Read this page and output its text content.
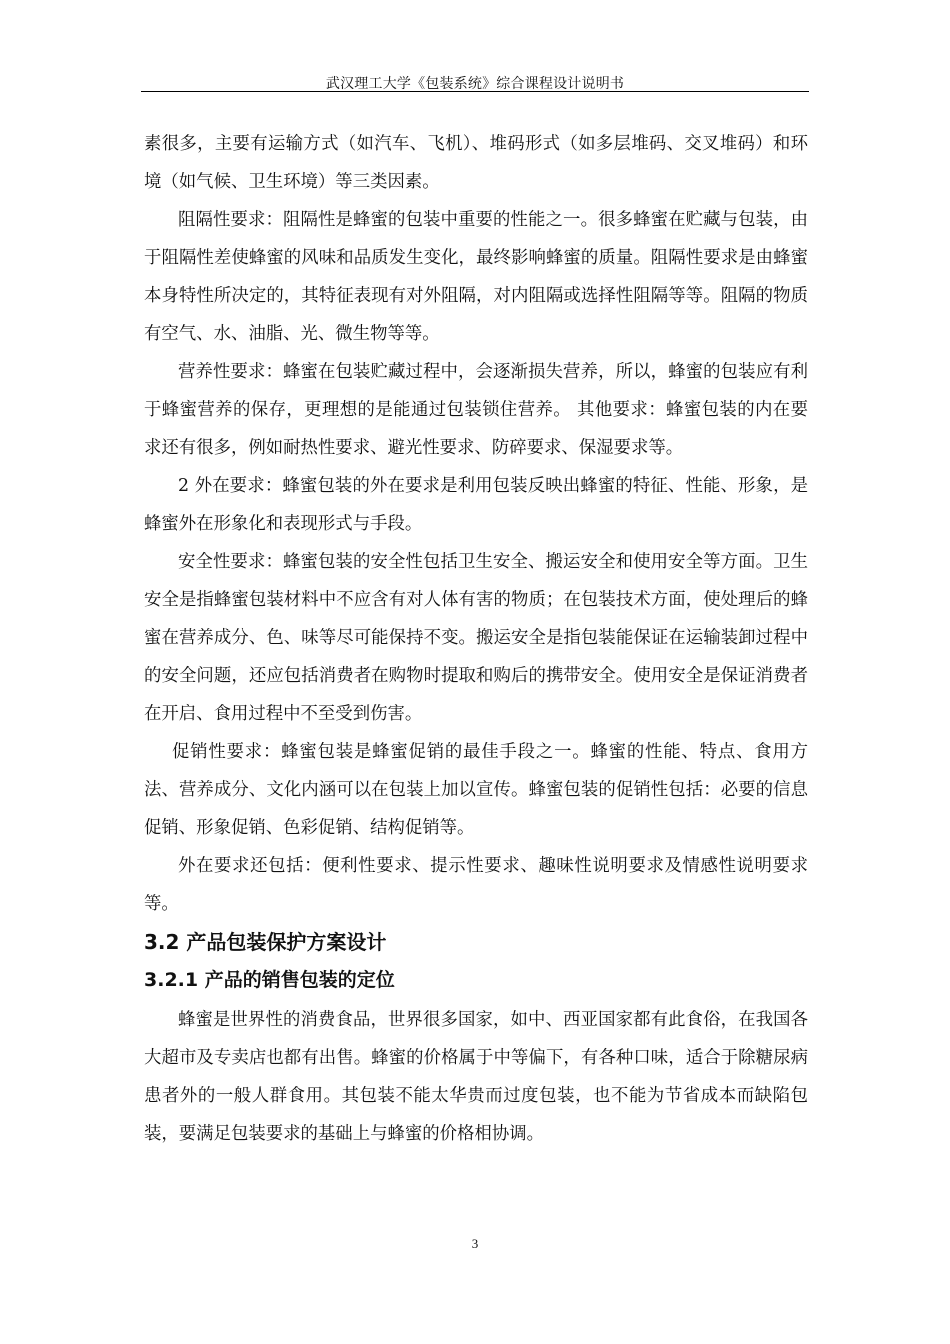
武汉理工大学《包装系统》综合课程设计说明书

素很多，主要有运输方式（如汽车、飞机）、堆码形式（如多层堆码、交叉堆码）和环境（如气候、卫生环境）等三类因素。

阻隔性要求：阻隔性是蜂蜜的包装中重要的性能之一。很多蜂蜜在贮藏与包装，由于阻隔性差使蜂蜜的风味和品质发生变化，最终影响蜂蜜的质量。阻隔性要求是由蜂蜜本身特性所决定的，其特征表现有对外阻隔，对内阻隔或选择性阻隔等等。阻隔的物质有空气、水、油脂、光、微生物等等。

营养性要求：蜂蜜在包装贮藏过程中，会逐渐损失营养，所以，蜂蜜的包装应有利于蜂蜜营养的保存，更理想的是能通过包装锁住营养。 其他要求：蜂蜜包装的内在要求还有很多，例如耐热性要求、避光性要求、防碎要求、保湿要求等。

2 外在要求：蜂蜜包装的外在要求是利用包装反映出蜂蜜的特征、性能、形象，是蜂蜜外在形象化和表现形式与手段。

安全性要求：蜂蜜包装的安全性包括卫生安全、搬运安全和使用安全等方面。卫生安全是指蜂蜜包装材料中不应含有对人体有害的物质；在包装技术方面，使处理后的蜂蜜在营养成分、色、味等尽可能保持不变。搬运安全是指包装能保证在运输装卸过程中的安全问题，还应包括消费者在购物时提取和购后的携带安全。使用安全是保证消费者在开启、食用过程中不至受到伤害。

促销性要求：蜂蜜包装是蜂蜜促销的最佳手段之一。蜂蜜的性能、特点、食用方法、营养成分、文化内涵可以在包装上加以宣传。蜂蜜包装的促销性包括：必要的信息促销、形象促销、色彩促销、结构促销等。

外在要求还包括：便利性要求、提示性要求、趣味性说明要求及情感性说明要求等。

3.2 产品包装保护方案设计
3.2.1 产品的销售包装的定位

蜂蜜是世界性的消费食品，世界很多国家，如中、西亚国家都有此食俗，在我国各大超市及专卖店也都有出售。蜂蜜的价格属于中等偏下，有各种口味，适合于除糖尿病患者外的一般人群食用。其包装不能太华贵而过度包装，也不能为节省成本而缺陷包装，要满足包装要求的基础上与蜂蜜的价格相协调。

3
